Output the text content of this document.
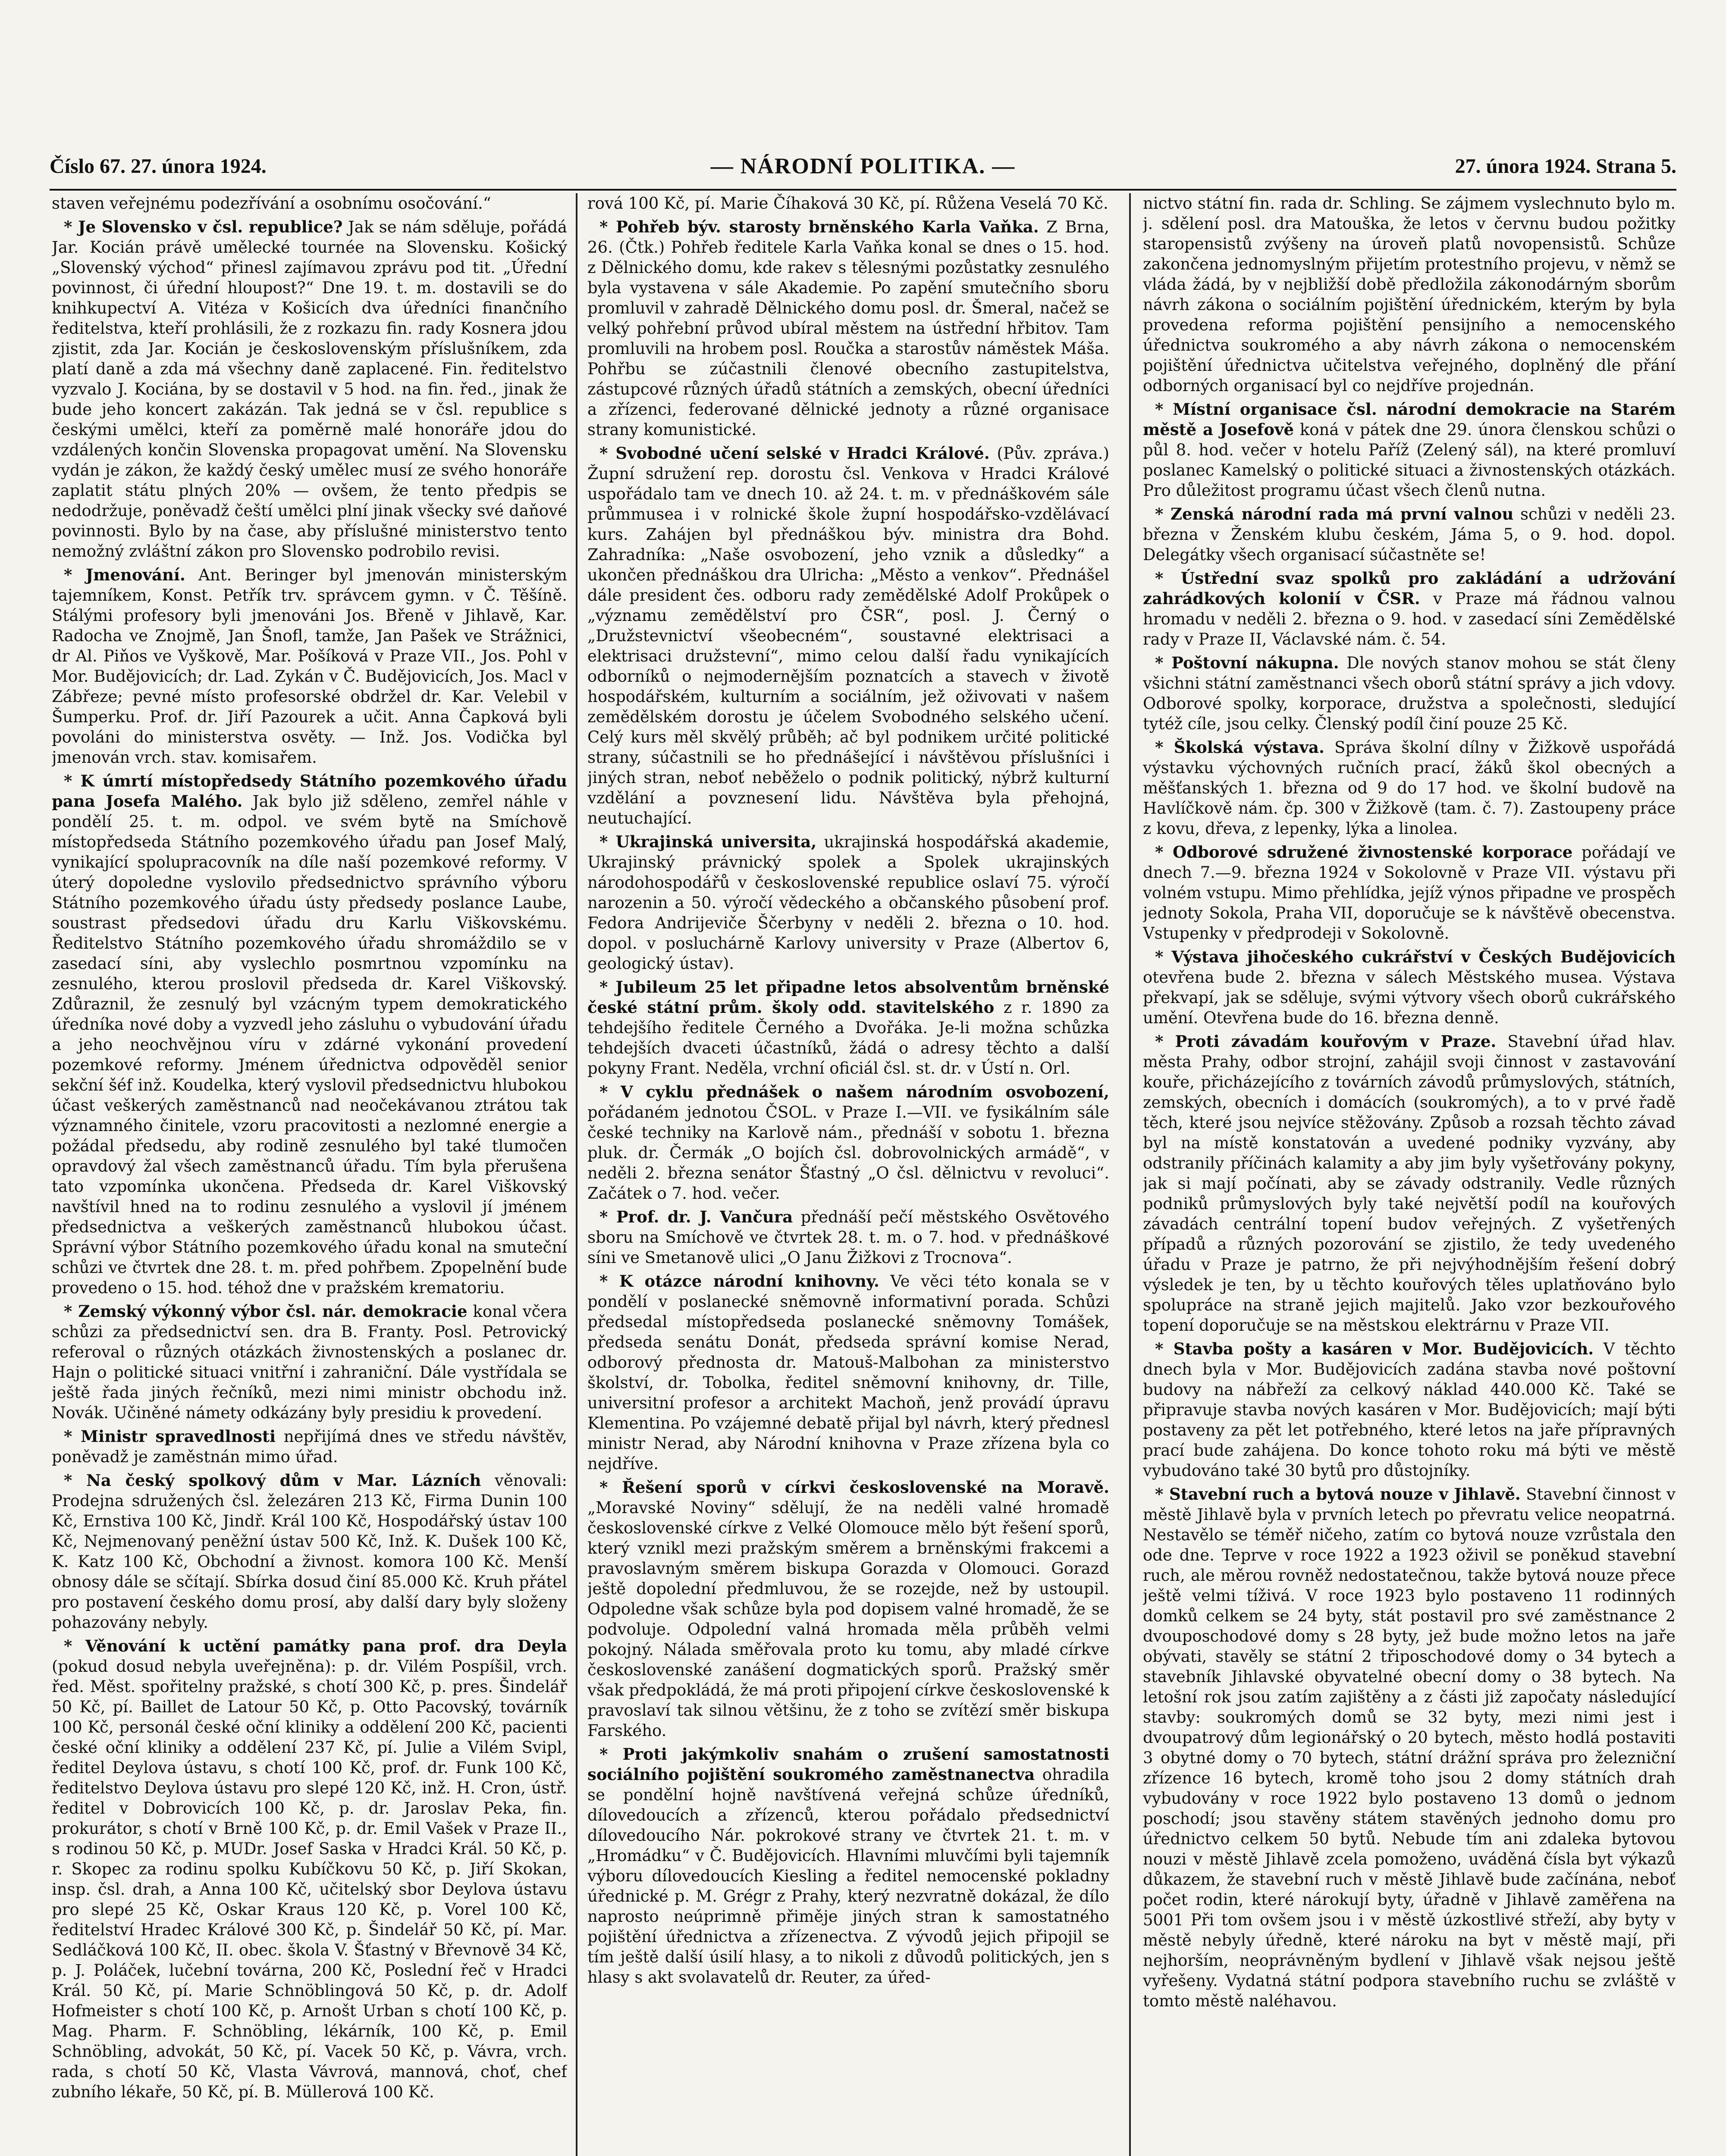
Číslo 67. 27. února 1924.	— NÁRODNÍ POLITIKA. —	27. února 1924. Strana 5.

staven veřejnému podezřívání a osobnímu osočování.“

* Je Slovensko v čsl. republice? Jak se nám sděluje, pořádá Jar. Kocián právě umělecké tournée na Slovensku. Košický „Slovenský východ“ přinesl zajímavou zprávu pod tit. „Úřední povinnost, či úřední hloupost?“ Dne 19. t. m. dostavili se do knihkupectví A. Vitéza v Košicích dva úředníci finančního ředitelstva, kteří prohlásili, že z rozkazu fin. rady Kosnera jdou zjistit, zda Jar. Kocián je československým příslušníkem, zda platí daně a zda má všechny daně zaplacené. Fin. ředitelstvo vyzvalo J. Kociána, by se dostavil v 5 hod. na fin. řed., jinak že bude jeho koncert zakázán. Tak jedná se v čsl. republice s českými umělci, kteří za poměrně malé honoráře jdou do vzdálených končin Slovenska propagovat umění. Na Slovensku vydán je zákon, že každý český umělec musí ze svého honoráře zaplatit státu plných 20% — ovšem, že tento předpis se nedodržuje, poněvadž čeští umělci plní jinak všecky své daňové povinnosti. Bylo by na čase, aby příslušné ministerstvo tento nemožný zvláštní zákon pro Slovensko podrobilo revisi.

* Jmenování. Ant. Beringer byl jmenován ministerským tajemníkem, Konst. Petřík trv. správcem gymn. v Č. Těšíně. Stálými profesory byli jmenováni Jos. Břeně v Jihlavě, Kar. Radocha ve Znojmě, Jan Šnofl, tamže, Jan Pašek ve Strážnici, dr Al. Piňos ve Vyškově, Mar. Pošíková v Praze VII., Jos. Pohl v Mor. Budějovicích; dr. Lad. Zykán v Č. Budějovicích, Jos. Macl v Zábřeze; pevné místo profesorské obdržel dr. Kar. Velebil v Šumperku. Prof. dr. Jiří Pazourek a učit. Anna Čapková byli povoláni do ministerstva osvěty. — Inž. Jos. Vodička byl jmenován vrch. stav. komisařem.

* K úmrtí místopředsedy Státního pozemkového úřadu pana Josefa Malého. Jak bylo již sděleno, zemřel náhle v pondělí 25. t. m. odpol. ve svém bytě na Smíchově místopředseda Státního pozemkového úřadu pan Josef Malý, vynikající spolupracovník na díle naší pozemkové reformy. V úterý dopoledne vyslovilo předsednictvo správního výboru Státního pozemkového úřadu ústy předsedy poslance Laube, soustrast předsedovi úřadu dru Karlu Viškovskému. Ředitelstvo Státního pozemkového úřadu shromáždilo se v zasedací síni, aby vyslechlo posmrtnou vzpomínku na zesnulého, kterou proslovil předseda dr. Karel Viškovský. Zdůraznil, že zesnulý byl vzácným typem demokratického úředníka nové doby a vyzvedl jeho zásluhu o vybudování úřadu a jeho neochvějnou víru v zdárné vykonání provedení pozemkové reformy. Jménem úřednictva odpověděl senior sekční šéf inž. Koudelka, který vyslovil předsednictvu hlubokou účast veškerých zaměstnanců nad neočekávanou ztrátou tak významného činitele, vzoru pracovitosti a nezlomné energie a požádal předsedu, aby rodině zesnulého byl také tlumočen opravdový žal všech zaměstnanců úřadu. Tím byla přerušena tato vzpomínka ukončena. Předseda dr. Karel Viškovský navštívil hned na to rodinu zesnulého a vyslovil jí jménem předsednictva a veškerých zaměstnanců hlubokou účast. Správní výbor Státního pozemkového úřadu konal na smuteční schůzi ve čtvrtek dne 28. t. m. před pohřbem. Zpopelnění bude provedeno o 15. hod. téhož dne v pražském krematoriu.

* Zemský výkonný výbor čsl. nár. demokracie konal včera schůzi za předsednictví sen. dra B. Franty. Posl. Petrovický referoval o různých otázkách živnostenských a poslanec dr. Hajn o politické situaci vnitřní i zahraniční. Dále vystřídala se ještě řada jiných řečníků, mezi nimi ministr obchodu inž. Novák. Učiněné námety odkázány byly presidiu k provedení.

* Ministr spravedlnosti nepřijímá dnes ve středu návštěv, poněvadž je zaměstnán mimo úřad.

* Na český spolkový dům v Mar. Lázních věnovali: Prodejna sdružených čsl. železáren 213 Kč, Firma Dunin 100 Kč, Ernstiva 100 Kč, Jindř. Král 100 Kč, Hospodářský ústav 100 Kč, Nejmenovaný peněžní ústav 500 Kč, Inž. K. Dušek 100 Kč, K. Katz 100 Kč, Obchodní a živnost. komora 100 Kč. Menší obnosy dále se sčítají. Sbírka dosud činí 85.000 Kč. Kruh přátel pro postavení českého domu prosí, aby další dary byly složeny pohazovány nebyly.

* Věnování k uctění památky pana prof. dra Deyla (pokud dosud nebyla uveřejněna): p. dr. Vilém Pospíšil, vrch. řed. Měst. spořitelny pražské, s chotí 300 Kč, p. pres. Šindelář 50 Kč, pí. Baillet de Latour 50 Kč, p. Otto Pacovský, továrník 100 Kč, personál české oční kliniky a oddělení 200 Kč, pacienti české oční kliniky a oddělení 237 Kč, pí. Julie a Vilém Svipl, ředitel Deylova ústavu, s chotí 100 Kč, prof. dr. Funk 100 Kč, ředitelstvo Deylova ústavu pro slepé 120 Kč, inž. H. Cron, ústř. ředitel v Dobrovicích 100 Kč, p. dr. Jaroslav Peka, fin. prokurátor, s chotí v Brně 100 Kč, p. dr. Emil Vašek v Praze II., s rodinou 50 Kč, p. MUDr. Josef Saska v Hradci Král. 50 Kč, p. r. Skopec za rodinu spolku Kubíčkovu 50 Kč, p. Jiří Skokan, insp. čsl. drah, a Anna 100 Kč, učitelský sbor Deylova ústavu pro slepé 25 Kč, Oskar Kraus 120 Kč, p. Vorel 100 Kč, ředitelství Hradec Králové 300 Kč, p. Šindelář 50 Kč, pí. Mar. Sedláčková 100 Kč, II. obec. škola V. Šťastný v Břevnově 34 Kč, p. J. Poláček, lučební továrna, 200 Kč, Poslední řeč v Hradci Král. 50 Kč, pí. Marie Schnöblingová 50 Kč, p. dr. Adolf Hofmeister s chotí 100 Kč, p. Arnošt Urban s chotí 100 Kč, p. Mag. Pharm. F. Schnöbling, lékárník, 100 Kč, p. Emil Schnöbling, advokát, 50 Kč, pí. Vacek 50 Kč, p. Vávra, vrch. rada, s chotí 50 Kč, Vlasta Vávrová, mannová, choť, chef zubního lékaře, 50 Kč, pí. B. Müllerová 100 Kč.

rová 100 Kč, pí. Marie Číhaková 30 Kč, pí. Růžena Veselá 70 Kč.

* Pohřeb býv. starosty brněnského Karla Vaňka. Z Brna, 26. (Čtk.) Pohřeb ředitele Karla Vaňka konal se dnes o 15. hod. z Dělnického domu, kde rakev s tělesnými pozůstatky zesnulého byla vystavena v sále Akademie. Po zapění smutečního sboru promluvil v zahradě Dělnického domu posl. dr. Šmeral, načež se velký pohřební průvod ubíral městem na ústřední hřbitov. Tam promluvili na hrobem posl. Roučka a starostův náměstek Máša. Pohřbu se zúčastnili členové obecního zastupitelstva, zástupcové různých úřadů státních a zemských, obecní úředníci a zřízenci, federované dělnické jednoty a různé organisace strany komunistické.

* Svobodné učení selské v Hradci Králové. (Pův. zpráva.) Župní sdružení rep. dorostu čsl. Venkova v Hradci Králové uspořádalo tam ve dnech 10. až 24. t. m. v přednáškovém sále průmmusea i v rolnické škole župní hospodářsko-vzdělávací kurs. Zahájen byl přednáškou býv. ministra dra Bohd. Zahradníka: „Naše osvobození, jeho vznik a důsledky“ a ukončen přednáškou dra Ulricha: „Město a venkov“. Přednášel dále president čes. odboru rady zemědělské Adolf Prokůpek o „významu zemědělství pro ČSR“, posl. J. Černý o „Družstevnictví všeobecném“, soustavné elektrisaci a elektrisaci družstevní“, mimo celou další řadu vynikajících odborníků o nejmodernějším poznatcích a stavech v životě hospodářském, kulturním a sociálním, jež oživovati v našem zemědělském dorostu je účelem Svobodného selského učení. Celý kurs měl skvělý průběh; ač byl podnikem určité politické strany, súčastnili se ho přednášející i návštěvou příslušníci i jiných stran, neboť neběželo o podnik politický, nýbrž kulturní vzdělání a povznesení lidu. Návštěva byla přehojná, neutuchající.

* Ukrajinská universita, ukrajinská hospodářská akademie, Ukrajinský právnický spolek a Spolek ukrajinských národohospodářů v československé republice oslaví 75. výročí narozenin a 50. výročí vědeckého a občanského působení prof. Fedora Andrijeviče Ščerbyny v neděli 2. března o 10. hod. dopol. v posluchárně Karlovy university v Praze (Albertov 6, geologický ústav).

* Jubileum 25 let připadne letos absolventům brněnské české státní prům. školy odd. stavitelského z r. 1890 za tehdejšího ředitele Černého a Dvořáka. Je-li možna schůzka tehdejších dvaceti účastníků, žádá o adresy těchto a další pokyny Frant. Nedělа, vrchní oficiál čsl. st. dr. v Ústí n. Orl.

* V cyklu přednášek o našem národním osvobození, pořádaném jednotou ČSOL. v Praze I.—VII. ve fysikálním sále české techniky na Karlově nám., přednáší v sobotu 1. března pluk. dr. Čermák „O bojích čsl. dobrovolnických armádě“, v neděli 2. března senátor Šťastný „O čsl. dělnictvu v revoluci“. Začátek o 7. hod. večer.

* Prof. dr. J. Vančura přednáší pečí městského Osvětového sboru na Smíchově ve čtvrtek 28. t. m. o 7. hod. v přednáškové síni ve Smetanově ulici „O Janu Žižkovi z Trocnova“.

* K otázce národní knihovny. Ve věci této konala se v pondělí v poslanecké sněmovně informativní porada. Schůzi předsedal místopředseda poslanecké sněmovny Tomášek, předseda senátu Donát, předseda správní komise Nerad, odborový přednosta dr. Matouš-Malbohan za ministerstvo školství, dr. Tobolka, ředitel sněmovní knihovny, dr. Tille, universitní profesor a architekt Machoň, jenž provádí úpravu Klementina. Po vzájemné debatě přijal byl návrh, který přednesl ministr Nerad, aby Národní knihovna v Praze zřízena byla co nejdříve.

* Řešení sporů v církvi československé na Moravě. „Moravské Noviny“ sdělují, že na neděli valné hromadě československé církve z Velké Olomouce mělo být řešení sporů, který vznikl mezi pražským směrem a brněnskými frakcemi a pravoslavným směrem biskupa Gorazda v Olomouci. Gorazd ještě dopolední předmluvou, že se rozejde, než by ustoupil. Odpoledne však schůze byla pod dopisem valné hromadě, že se podvoluje. Odpolední valná hromada měla průběh velmi pokojný. Nálada směřovala proto ku tomu, aby mladé církve československé zanášení dogmatických sporů. Pražský směr však předpokládá, že má proti připojení církve československé k pravoslaví tak silnou většinu, že z toho se zvítězí směr biskupa Farského.

* Proti jakýmkoliv snahám o zrušení samostatnosti sociálního pojištění soukromého zaměstnanectva ohradila se pondělní hojně navštívená veřejná schůze úředníků, dílovedoucích a zřízenců, kterou pořádalo předsednictví dílovedoucího Nár. pokrokové strany ve čtvrtek 21. t. m. v „Hromádku“ v Č. Budějovicích. Hlavními mluvčími byli tajemník výboru dílovedoucích Kiesling a ředitel nemocenské pokladny úřednické p. M. Grégr z Prahy, který nezvratně dokázal, že dílo naprosto neúprimně přiměje jiných stran k samostatného pojištění úřednictva a zřízenectva. Z vývodů jejich připojil se tím ještě další úsilí hlasy, a to nikoli z důvodů politických, jen s hlasy s akt svolavatelů dr. Reuter, za úřed-

nictvo státní fin. rada dr. Schling. Se zájmem vyslechnuto bylo m. j. sdělení posl. dra Matouška, že letos v červnu budou požitky staropensistů zvýšeny na úroveň platů novopensistů. Schůze zakončena jednomyslným přijetím protestního projevu, v němž se vláda žádá, by v nejbližší době předložila zákonodárným sborům návrh zákona o sociálním pojištění úřednickém, kterým by byla provedena reforma pojištění pensijního a nemocenského úřednictva soukromého a aby návrh zákona o nemocenském pojištění úřednictva učitelstva veřejného, doplněný dle přání odborných organisací byl co nejdříve projednán.

* Místní organisace čsl. národní demokracie na Starém městě a Josefově koná v pátek dne 29. února členskou schůzi o půl 8. hod. večer v hotelu Paříž (Zelený sál), na které promluví poslanec Kamelský o politické situaci a živnostenských otázkách. Pro důležitost programu účast všech členů nutna.

* Zenská národní rada má první valnou schůzi v neděli 23. března v Ženském klubu českém, Jáma 5, o 9. hod. dopol. Delegátky všech organisací súčastněte se!

* Ústřední svaz spolků pro zakládání a udržování zahrádkových kolonií v ČSR. v Praze má řádnou valnou hromadu v neděli 2. března o 9. hod. v zasedací síni Zemědělské rady v Praze II, Václavské nám. č. 54.

* Poštovní nákupna. Dle nových stanov mohou se stát členy všichni státní zaměstnanci všech oborů státní správy a jich vdovy. Odborové spolky, korporace, družstva a společnosti, sledující tytéž cíle, jsou celky. Členský podíl činí pouze 25 Kč.

* Školská výstava. Správa školní dílny v Žižkově uspořádá výstavku výchovných ručních prací, žáků škol obecných a měšťanských 1. března od 9 do 17 hod. ve školní budově na Havlíčkově nám. čp. 300 v Žižkově (tam. č. 7). Zastoupeny práce z kovu, dřeva, z lepenky, lýka a linolea.

* Odborové sdružené živnostenské korporace pořádají ve dnech 7.—9. března 1924 v Sokolovně v Praze VII. výstavu při volném vstupu. Mimo přehlídka, jejíž výnos připadne ve prospěch jednoty Sokola, Praha VII, doporučuje se k návštěvě obecenstva. Vstupenky v předprodeji v Sokolovně.

* Výstava jihočeského cukrářství v Českých Budějovicích otevřena bude 2. března v sálech Městského musea. Výstava překvapí, jak se sděluje, svými výtvory všech oborů cukrářského umění. Otevřena bude do 16. března denně.

* Proti závadám kouřovým v Praze. Stavební úřad hlav. města Prahy, odbor strojní, zahájil svoji činnost v zastavování kouře, přicházejícího z továrních závodů průmyslových, státních, zemských, obecních i domácích (soukromých), a to v prvé řadě těch, které jsou nejvíce stěžovány. Způsob a rozsah těchto závad byl na místě konstatován a uvedené podniky vyzvány, aby odstranily příčinách kalamity a aby jim byly vyšetřovány pokyny, jak si mají počínati, aby se závady odstranily. Vedle různých podniků průmyslových byly také největší podíl na kouřových závadách centrální topení budov veřejných. Z vyšetřených případů a různých pozorování se zjistilo, že tedy uvedeného úřadu v Praze je patrno, že při nejvýhodnějším řešení dobrý výsledek je ten, by u těchto kouřových těles uplatňováno bylo spolupráce na straně jejich majitelů. Jako vzor bezkouřového topení doporučuje se na městskou elektrárnu v Praze VII.

* Stavba pošty a kasáren v Mor. Budějovicích. V těchto dnech byla v Mor. Budějovicích zadána stavba nové poštovní budovy na nábřeží za celkový náklad 440.000 Kč. Také se připravuje stavba nových kasáren v Mor. Budějovicích; mají býti postaveny za pět let potřebného, které letos na jaře přípravných prací bude zahájena. Do konce tohoto roku má býti ve městě vybudováno také 30 bytů pro důstojníky.

* Stavební ruch a bytová nouze v Jihlavě. Stavební činnost v městě Jihlavě byla v prvních letech po převratu velice neopatrná. Nestavělo se téměř ničeho, zatím co bytová nouze vzrůstala den ode dne. Teprve v roce 1922 a 1923 oživil se poněkud stavební ruch, ale měrou rovněž nedostatečnou, takže bytová nouze přece ještě velmi tíživá. V roce 1923 bylo postaveno 11 rodinných domků celkem se 24 byty, stát postavil pro své zaměstnance 2 dvouposchodové domy s 28 byty, jež bude možno letos na jaře obývati, stavěly se státní 2 třiposchodové domy o 34 bytech a stavebník Jihlavské obyvatelné obecní domy o 38 bytech. Na letošní rok jsou zatím zajištěny a z části již započaty následující stavby: soukromých domů se 32 byty, mezi nimi jest i dvoupatrový dům legionářský o 20 bytech, město hodlá postaviti 3 obytné domy o 70 bytech, státní drážní správa pro železniční zřízence 16 bytech, kromě toho jsou 2 domy státních drah vybudovány v roce 1922 bylo postaveno 13 domů o jednom poschodí; jsou stavěny státem stavěných jednoho domu pro úřednictvo celkem 50 bytů. Nebude tím ani zdaleka bytovou nouzi v městě Jihlavě zcela pomoženo, uváděná čísla byt výkazů důkazem, že stavební ruch v městě Jihlavě bude začínána, neboť počet rodin, které nárokují byty, úřadně v Jihlavě zaměřena na 5001 Při tom ovšem jsou i v městě úzkostlivé střeží, aby byty v městě nebyly úředně, které nároku na byt v městě mají, při nejhorším, neoprávněným bydlení v Jihlavě však nejsou ještě vyřešeny. Vydatná státní podpora stavebního ruchu se zvláště v tomto městě naléhavou.
